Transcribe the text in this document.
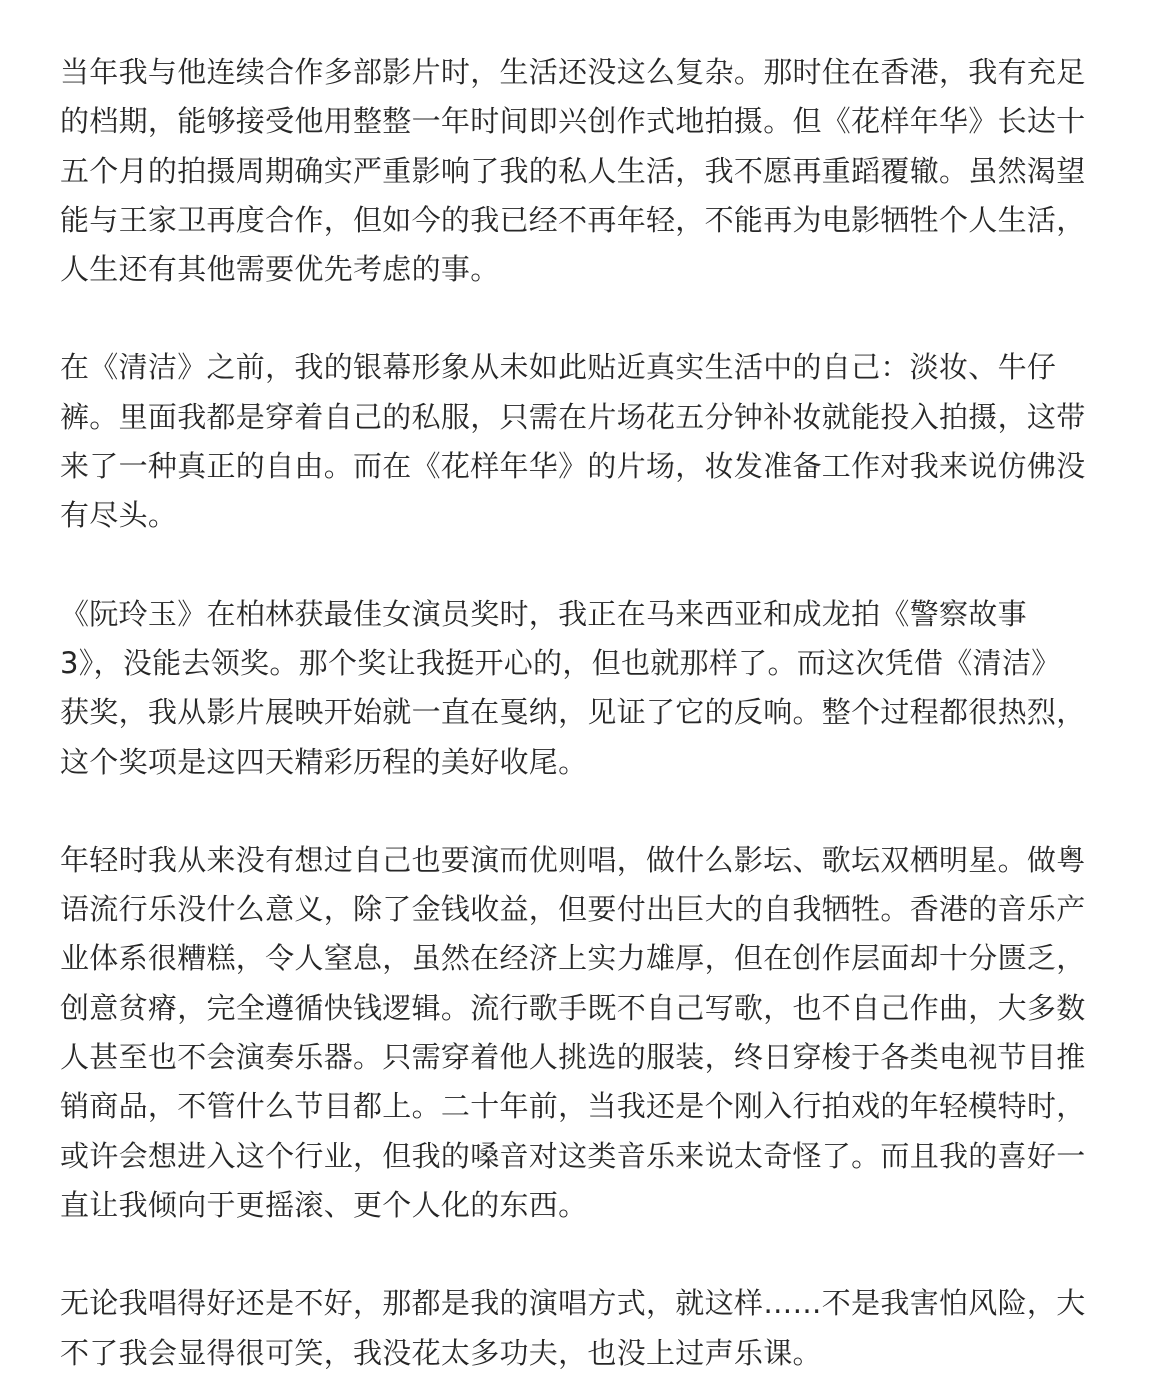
当年我与他连续合作多部影片时，生活还没这么复杂。那时住在香港，我有充足
的档期，能够接受他用整整一年时间即兴创作式地拍摄。但《花样年华》长达十
五个月的拍摄周期确实严重影响了我的私人生活，我不愿再重蹈覆辙。虽然渴望
能与王家卫再度合作，但如今的我已经不再年轻，不能再为电影牺牲个人生活，
人生还有其他需要优先考虑的事。
在《清洁》之前，我的银幕形象从未如此贴近真实生活中的自己：淡妆、牛仔
裤。里面我都是穿着自己的私服，只需在片场花五分钟补妆就能投入拍摄，这带
来了一种真正的自由。而在《花样年华》的片场，妆发准备工作对我来说仿佛没
有尽头。
《阮玲玉》在柏林获最佳女演员奖时，我正在马来西亚和成龙拍《警察故事
3》，没能去领奖。那个奖让我挺开心的，但也就那样了。而这次凭借《清洁》
获奖，我从影片展映开始就一直在戛纳，见证了它的反响。整个过程都很热烈，
这个奖项是这四天精彩历程的美好收尾。
年轻时我从来没有想过自己也要演而优则唱，做什么影坛、歌坛双栖明星。做粤
语流行乐没什么意义，除了金钱收益，但要付出巨大的自我牺牲。香港的音乐产
业体系很糟糕，令人窒息，虽然在经济上实力雄厚，但在创作层面却十分匮乏，
创意贫瘠，完全遵循快钱逻辑。流行歌手既不自己写歌，也不自己作曲，大多数
人甚至也不会演奏乐器。只需穿着他人挑选的服装，终日穿梭于各类电视节目推
销商品，不管什么节目都上。二十年前，当我还是个刚入行拍戏的年轻模特时，
或许会想进入这个行业，但我的嗓音对这类音乐来说太奇怪了。而且我的喜好一
直让我倾向于更摇滚、更个人化的东西。
无论我唱得好还是不好，那都是我的演唱方式，就这样……不是我害怕风险，大
不了我会显得很可笑，我没花太多功夫，也没上过声乐课。
